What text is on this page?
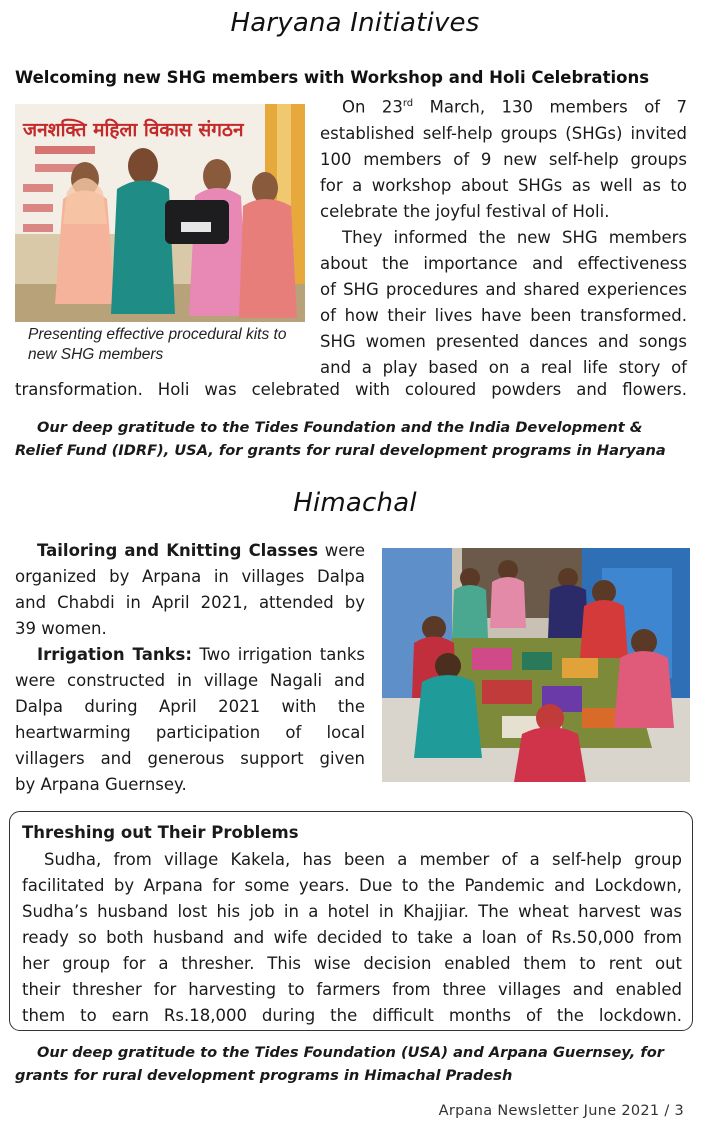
Haryana Initiatives
Welcoming new SHG members with Workshop and Holi Celebrations
जनशक्ति महिला विकास संगठन

Presenting effective procedural kits to new SHG members

On 23rd March, 130 members of 7
established self-help groups (SHGs) invited
100 members of 9 new self-help groups
for a workshop about SHGs as well as to
celebrate the joyful festival of Holi.
They informed the new SHG members
about the importance and effectiveness
of SHG procedures and shared experiences
of how their lives have been transformed.
SHG women presented dances and songs
and a play based on a real life story of
transformation. Holi was celebrated with coloured powders and flowers.

Our deep gratitude to the Tides Foundation and the India Development & Relief Fund (IDRF), USA, for grants for rural development programs in Haryana

Himachal
Tailoring and Knitting Classes were
organized by Arpana in villages Dalpa
and Chabdi in April 2021, attended by
39 women.
Irrigation Tanks: Two irrigation tanks
were constructed in village Nagali and
Dalpa during April 2021 with the
heartwarming participation of local
villagers and generous support given
by Arpana Guernsey.
Threshing out Their Problems
Sudha, from village Kakela, has been a member of a self-help group
facilitated by Arpana for some years. Due to the Pandemic and Lockdown,
Sudha’s husband lost his job in a hotel in Khajjiar. The wheat harvest was
ready so both husband and wife decided to take a loan of Rs.50,000 from
her group for a thresher. This wise decision enabled them to rent out
their thresher for harvesting to farmers from three villages and enabled
them to earn Rs.18,000 during the difficult months of the lockdown.

Our deep gratitude to the Tides Foundation (USA) and Arpana Guernsey, for grants for rural development programs in Himachal Pradesh

Arpana Newsletter June 2021 / 3
